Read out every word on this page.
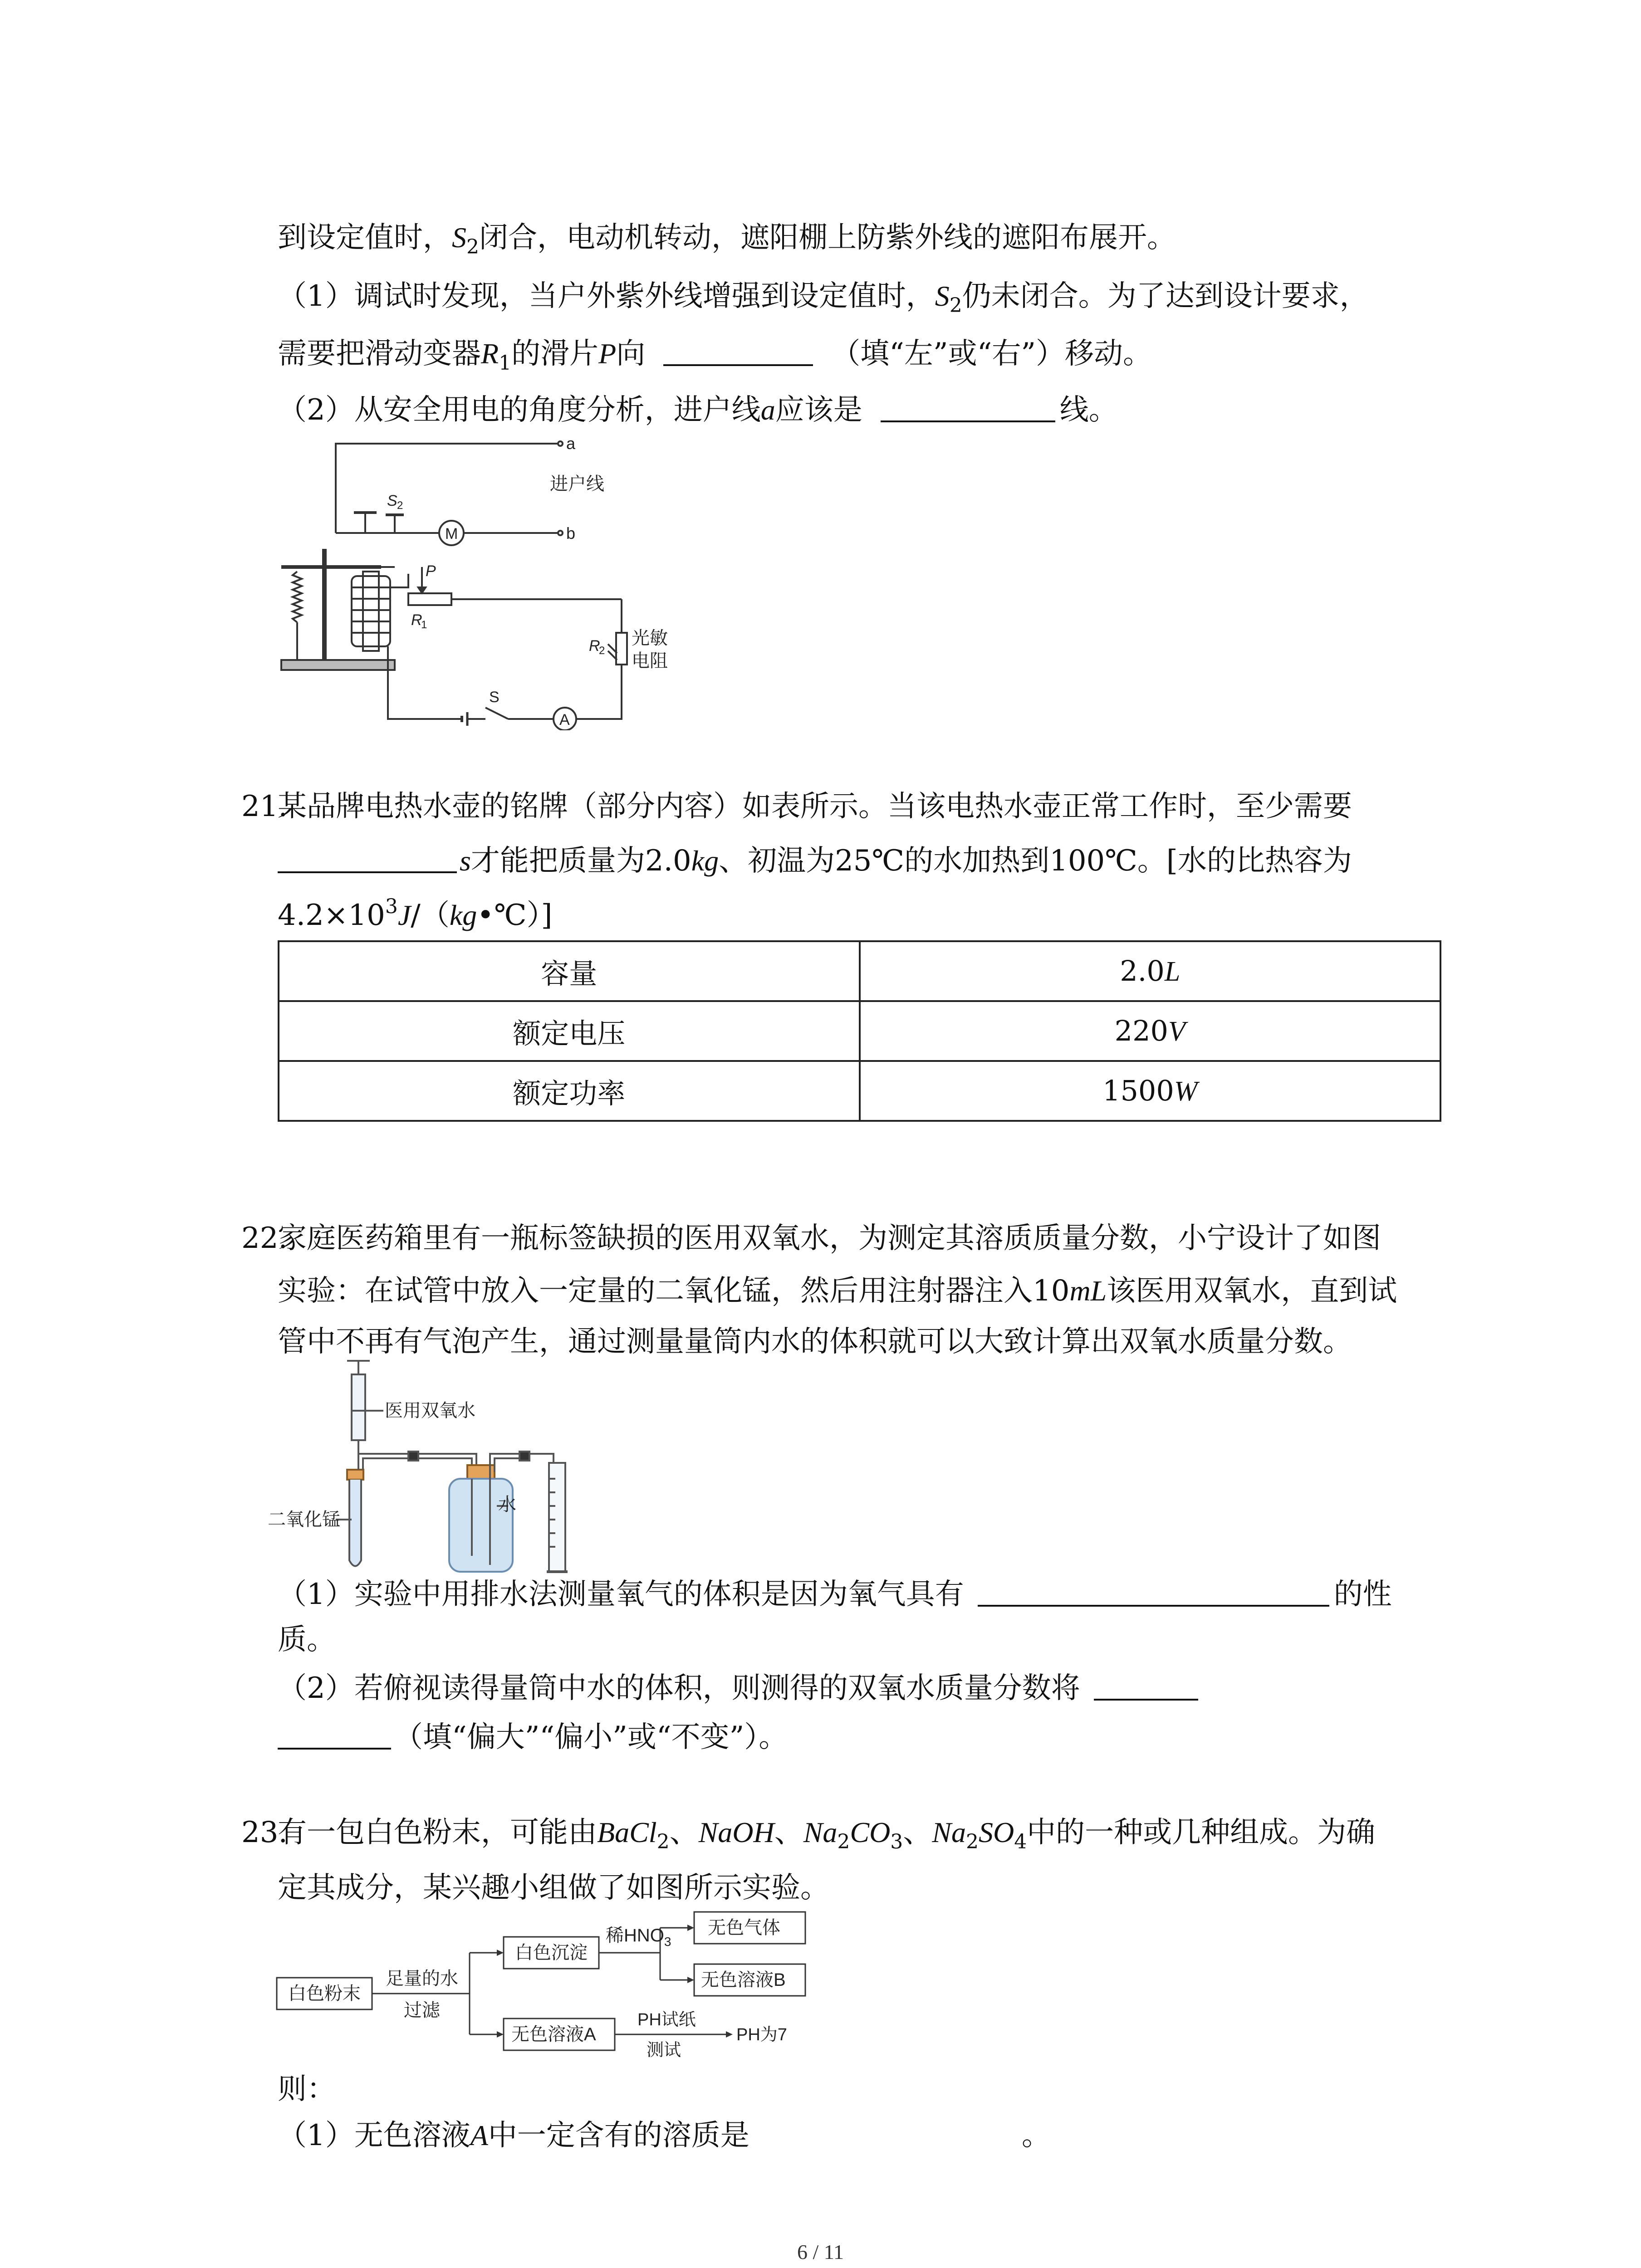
到设定值时，$S_2$闭合，电动机转动，遮阳棚上防紫外线的遮阳布展开。
（1）调试时发现，当户外紫外线增强到设定值时，$S_2$仍未闭合。为了达到设计要求，
需要把滑动变器$R_1$的滑片P向	（填“左”或“右”）移动。
（2）从安全用电的角度分析，进户线a应该是	线。
a
b
进户线
S 2
M
P
R
1
R
2
光敏
电阻
S
A
21.
某品牌电热水壶的铭牌（部分内容）如表所示。当该电热水壶正常工作时，至少需要
s才能把质量为2.0kg、初温为25℃的水加热到100℃。[水的比热容为
$4.2\times 10^3J/(kg•℃)$]
容量	2.0L
额定电压	220V
额定功率	1500W
22.
家庭医药箱里有一瓶标签缺损的医用双氧水，为测定其溶质质量分数，小宁设计了如图
实验：在试管中放入一定量的二氧化锰，然后用注射器注入10mL该医用双氧水，直到试
管中不再有气泡产生，通过测量量筒内水的体积就可以大致计算出双氧水质量分数。
医用双氧水
水
二氧化锰
（1）实验中用排水法测量氧气的体积是因为氧气具有	的性
质。
（2）若俯视读得量筒中水的体积，则测得的双氧水质量分数将
（填“偏大”“偏小”或“不变”）。
23.
有一包白色粉末，可能由BaCl$_2$、NaOH、$Na_2CO_3$、$Na_2SO_4$中的一种或几种组成。为确
定其成分，某兴趣小组做了如图所示实验。
白色粉末
足量的水
过滤
白色沉淀
稀$HNO_3$
无色气体
无色溶液B
无色溶液A
PH试纸
测试
PH为7
则：
（1）无色溶液A中一定含有的溶质是	。
6 / 11
